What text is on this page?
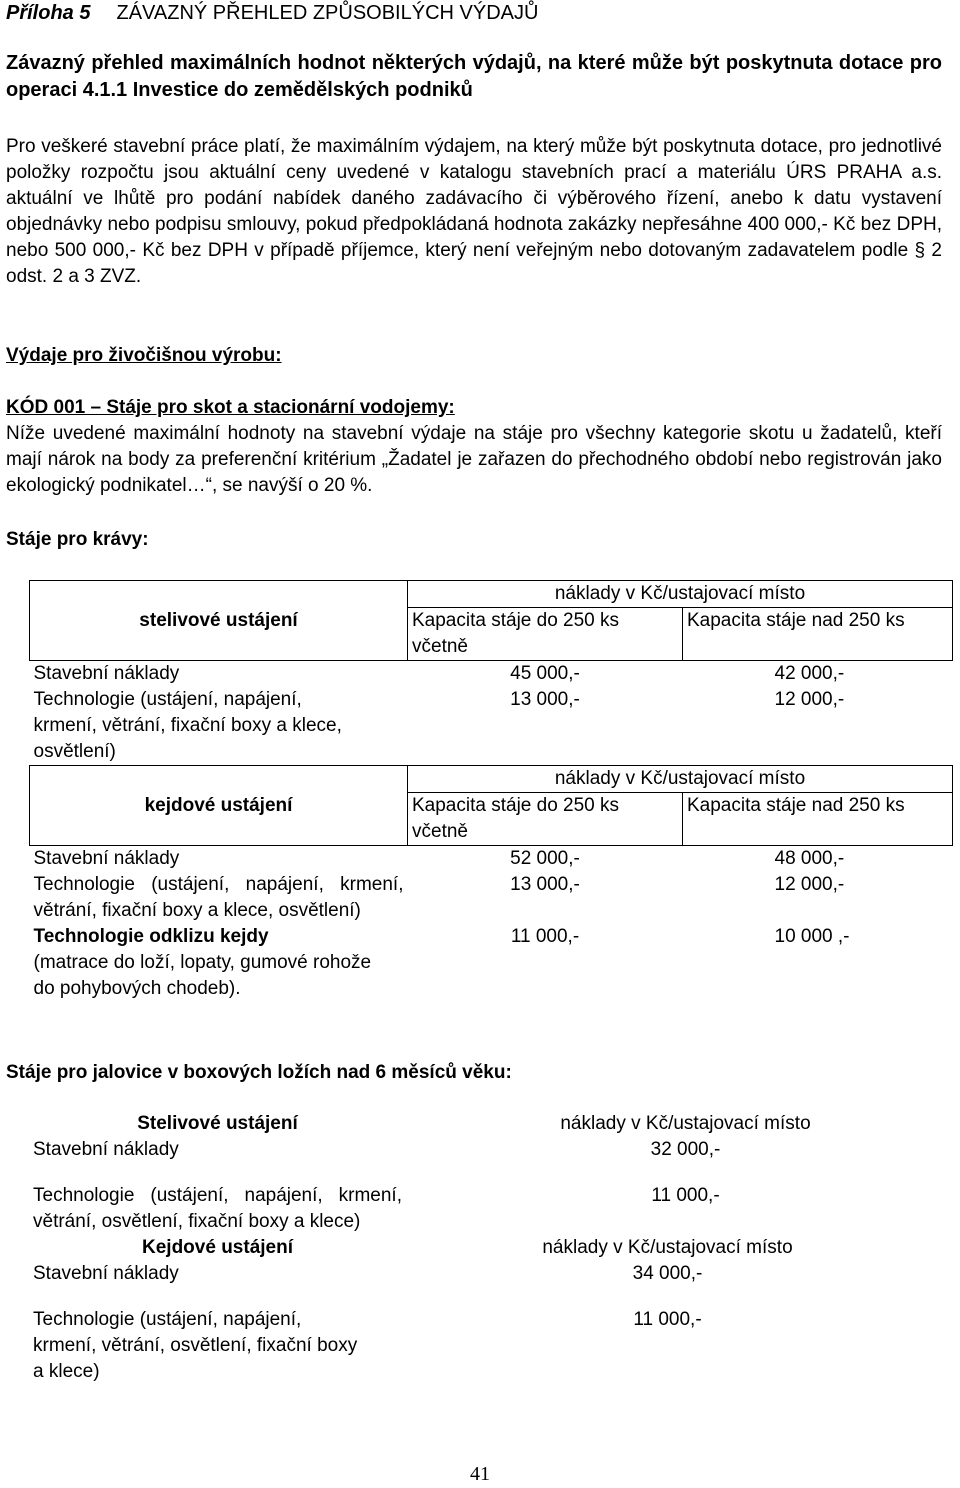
Příloha 5 ZÁVAZNÝ PŘEHLED ZPŮSOBILÝCH VÝDAJŮ
Závazný přehled maximálních hodnot některých výdajů, na které může být poskytnuta dotace pro operaci 4.1.1 Investice do zemědělských podniků
Pro veškeré stavební práce platí, že maximálním výdajem, na který může být poskytnuta dotace, pro jednotlivé položky rozpočtu jsou aktuální ceny uvedené v katalogu stavebních prací a materiálu ÚRS PRAHA a.s. aktuální ve lhůtě pro podání nabídek daného zadávacího či výběrového řízení, anebo k datu vystavení objednávky nebo podpisu smlouvy, pokud předpokládaná hodnota zakázky nepřesáhne 400 000,- Kč bez DPH, nebo 500 000,- Kč bez DPH v případě příjemce, který není veřejným nebo dotovaným zadavatelem podle § 2 odst. 2 a 3 ZVZ.
Výdaje pro živočišnou výrobu:
KÓD 001 – Stáje pro skot a stacionární vodojemy:
Níže uvedené maximální hodnoty na stavební výdaje na stáje pro všechny kategorie skotu u žadatelů, kteří mají nárok na body za preferenční kritérium „Žadatel je zařazen do přechodného období nebo registrován jako ekologický podnikatel…“, se navýší o 20 %.
Stáje pro krávy:
stelivové ustájení	náklady v Kč/ustajovací místo	
	Kapacita stáje do 250 ks včetně	Kapacita stáje nad 250 ks
Stavební náklady	45 000,-	42 000,-
Technologie (ustájení, napájení, krmení, větrání, fixační boxy a klece, osvětlení)	13 000,-	12 000,-
kejdové ustájení	náklady v Kč/ustajovací místo	
	Kapacita stáje do 250 ks včetně	Kapacita stáje nad 250 ks
Stavební náklady	52 000,-	48 000,-
Technologie (ustájení, napájení, krmení, větrání, fixační boxy a klece, osvětlení)	13 000,-	12 000,-
Technologie odklizu kejdy
(matrace do loží, lopaty, gumové rohože do pohybových chodeb).	11 000,-	10 000 ,-
Stáje pro jalovice v boxových ložích nad 6 měsíců věku:
Stelivové ustájení	náklady v Kč/ustajovací místo
Stavební náklady	32 000,-
Technologie (ustájení, napájení, krmení, větrání, osvětlení, fixační boxy a klece)	11 000,-
Kejdové ustájení	náklady v Kč/ustajovací místo
Stavební náklady	34 000,-
Technologie (ustájení, napájení, krmení, větrání, osvětlení, fixační boxy a klece)	11 000,-
41
